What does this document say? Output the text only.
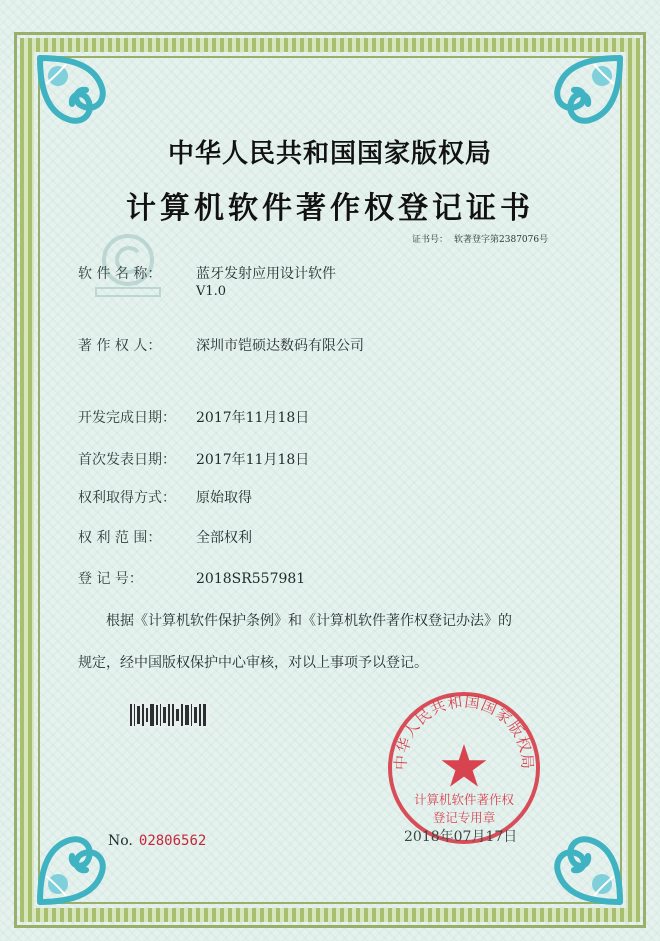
中华人民共和国国家版权局
计算机软件著作权登记证书
证书号： 软著登字第2387076号
软 件 名 称： 蓝牙发射应用设计软件
V1.0
著 作 权 人： 深圳市铠硕达数码有限公司
开发完成日期： 2017年11月18日
首次发表日期： 2017年11月18日
权利取得方式： 原始取得
权 利 范 围： 全部权利
登 记 号：	2018SR557981
根据《计算机软件保护条例》和《计算机软件著作权登记办法》的
规定，经中国版权保护中心审核，对以上事项予以登记。
中华人民共和国国家版权局
计算机软件著作权
登记专用章
2018年07月17日
No. 02806562
